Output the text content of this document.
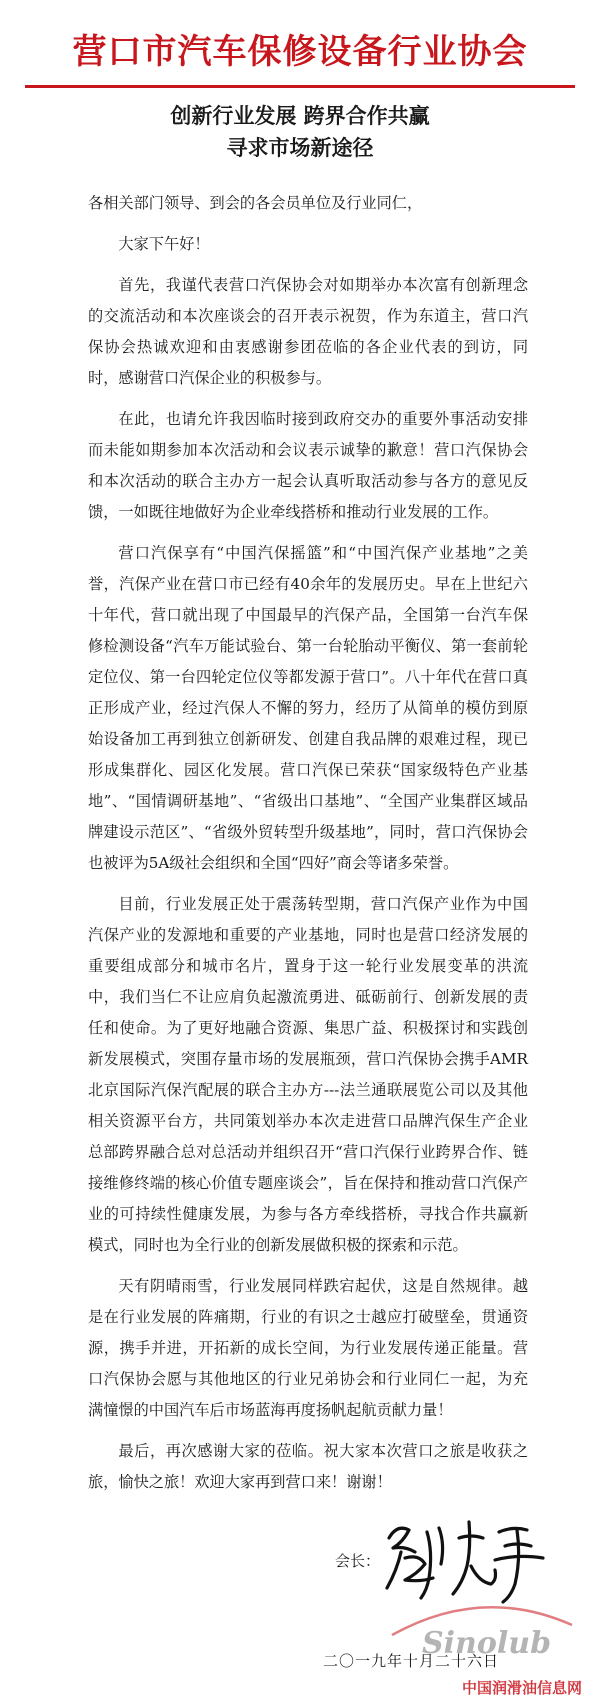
营口市汽车保修设备行业协会
创新行业发展 跨界合作共赢
寻求市场新途径

各相关部门领导、到会的各会员单位及行业同仁，

大家下午好！

首先，我谨代表营口汽保协会对如期举办本次富有创新理念的交流活动和本次座谈会的召开表示祝贺，作为东道主，营口汽保协会热诚欢迎和由衷感谢参团莅临的各企业代表的到访，同时，感谢营口汽保企业的积极参与。

在此，也请允许我因临时接到政府交办的重要外事活动安排而未能如期参加本次活动和会议表示诚挚的歉意！营口汽保协会和本次活动的联合主办方一起会认真听取活动参与各方的意见反馈，一如既往地做好为企业牵线搭桥和推动行业发展的工作。

营口汽保享有“中国汽保摇篮”和“中国汽保产业基地”之美誉，汽保产业在营口市已经有40余年的发展历史。早在上世纪六十年代，营口就出现了中国最早的汽保产品，全国第一台汽车保修检测设备“汽车万能试验台、第一台轮胎动平衡仪、第一套前轮定位仪、第一台四轮定位仪等都发源于营口”。八十年代在营口真正形成产业，经过汽保人不懈的努力，经历了从简单的模仿到原始设备加工再到独立创新研发、创建自我品牌的艰难过程，现已形成集群化、园区化发展。营口汽保已荣获“国家级特色产业基地”、“国情调研基地”、“省级出口基地”、“全国产业集群区域品牌建设示范区”、“省级外贸转型升级基地”，同时，营口汽保协会也被评为5A级社会组织和全国“四好”商会等诸多荣誉。

目前，行业发展正处于震荡转型期，营口汽保产业作为中国汽保产业的发源地和重要的产业基地，同时也是营口经济发展的重要组成部分和城市名片，置身于这一轮行业发展变革的洪流中，我们当仁不让应肩负起激流勇进、砥砺前行、创新发展的责任和使命。为了更好地融合资源、集思广益、积极探讨和实践创新发展模式，突围存量市场的发展瓶颈，营口汽保协会携手AMR北京国际汽保汽配展的联合主办方---法兰通联展览公司以及其他相关资源平台方，共同策划举办本次走进营口品牌汽保生产企业总部跨界融合总对总活动并组织召开“营口汽保行业跨界合作、链接维修终端的核心价值专题座谈会”，旨在保持和推动营口汽保产业的可持续性健康发展，为参与各方牵线搭桥，寻找合作共赢新模式，同时也为全行业的创新发展做积极的探索和示范。

天有阴晴雨雪，行业发展同样跌宕起伏，这是自然规律。越是在行业发展的阵痛期，行业的有识之士越应打破壁垒，贯通资源，携手并进，开拓新的成长空间，为行业发展传递正能量。营口汽保协会愿与其他地区的行业兄弟协会和行业同仁一起，为充满憧憬的中国汽车后市场蓝海再度扬帆起航贡献力量！

最后，再次感谢大家的莅临。祝大家本次营口之旅是收获之旅，愉快之旅！欢迎大家再到营口来！谢谢！

会长：
二〇一九年十月二十六日
Sinolub
中国润滑油信息网
